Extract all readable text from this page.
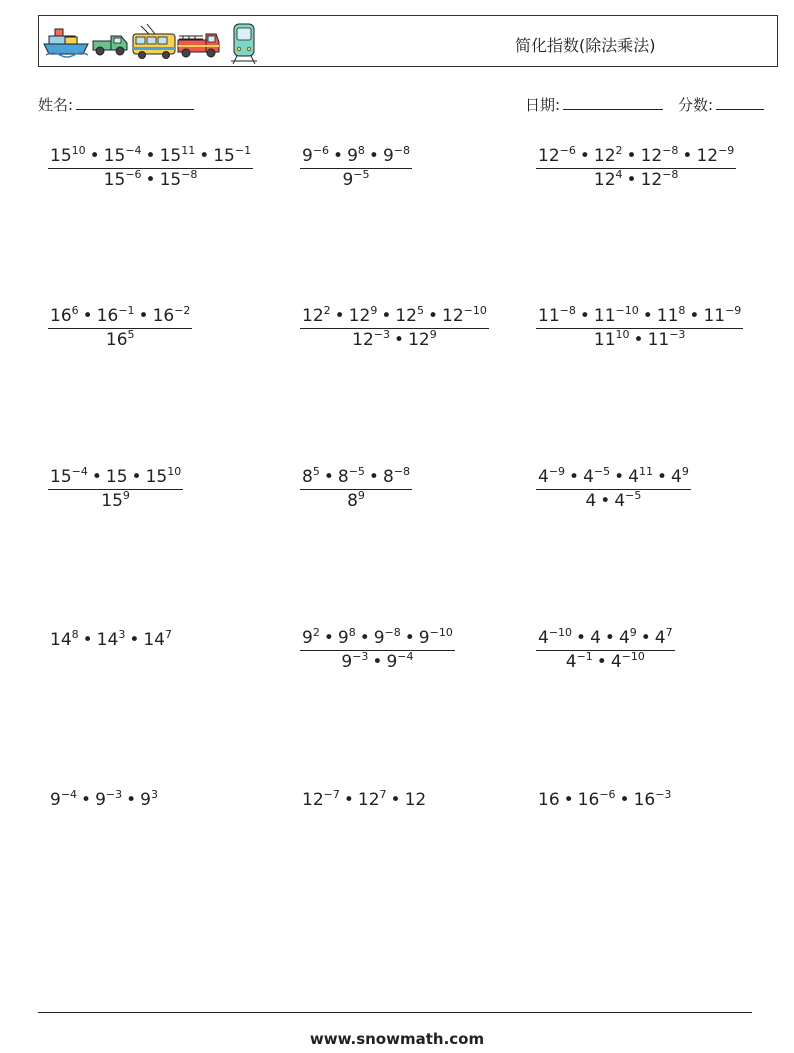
简化指数(除法乘法)
姓名:	日期:	分数:
$\frac{15^{10} • 15^{-4} • 15^{11} • 15^{-1}}{15^{-6} • 15^{-8}}$	$\frac{9^{-6} • 9^8 • 9^{-8}}{9^{-5}}$	$\frac{12^{-6} • 12^2 • 12^{-8} • 12^{-9}}{12^4 • 12^{-8}}$
$\frac{16^6 • 16^{-1} • 16^{-2}}{16^5}$	$\frac{12^2 • 12^9 • 12^5 • 12^{-10}}{12^{-3} • 12^9}$	$\frac{11^{-8} • 11^{-10} • 11^8 • 11^{-9}}{11^{10} • 11^{-3}}$
$\frac{15^{-4} • 15 • 15^{10}}{15^9}$	$\frac{8^5 • 8^{-5} • 8^{-8}}{8^9}$	$\frac{4^{-9} • 4^{-5} • 4^{11} • 4^9}{4 • 4^{-5}}$
$14^8$ • $14^3$ • $14^7$	$\frac{9^2 • 9^8 • 9^{-8} • 9^{-10}}{9^{-3} • 9^{-4}}$	$\frac{4^{-10} • 4 • 4^9 • 4^7}{4^{-1} • 4^{-10}}$
$9^{-4}$ • $9^{-3}$ • $9^3$	$12^{-7}$ • $12^7$ • 12	16 • $16^{-6}$ • $16^{-3}$
www.snowmath.com
